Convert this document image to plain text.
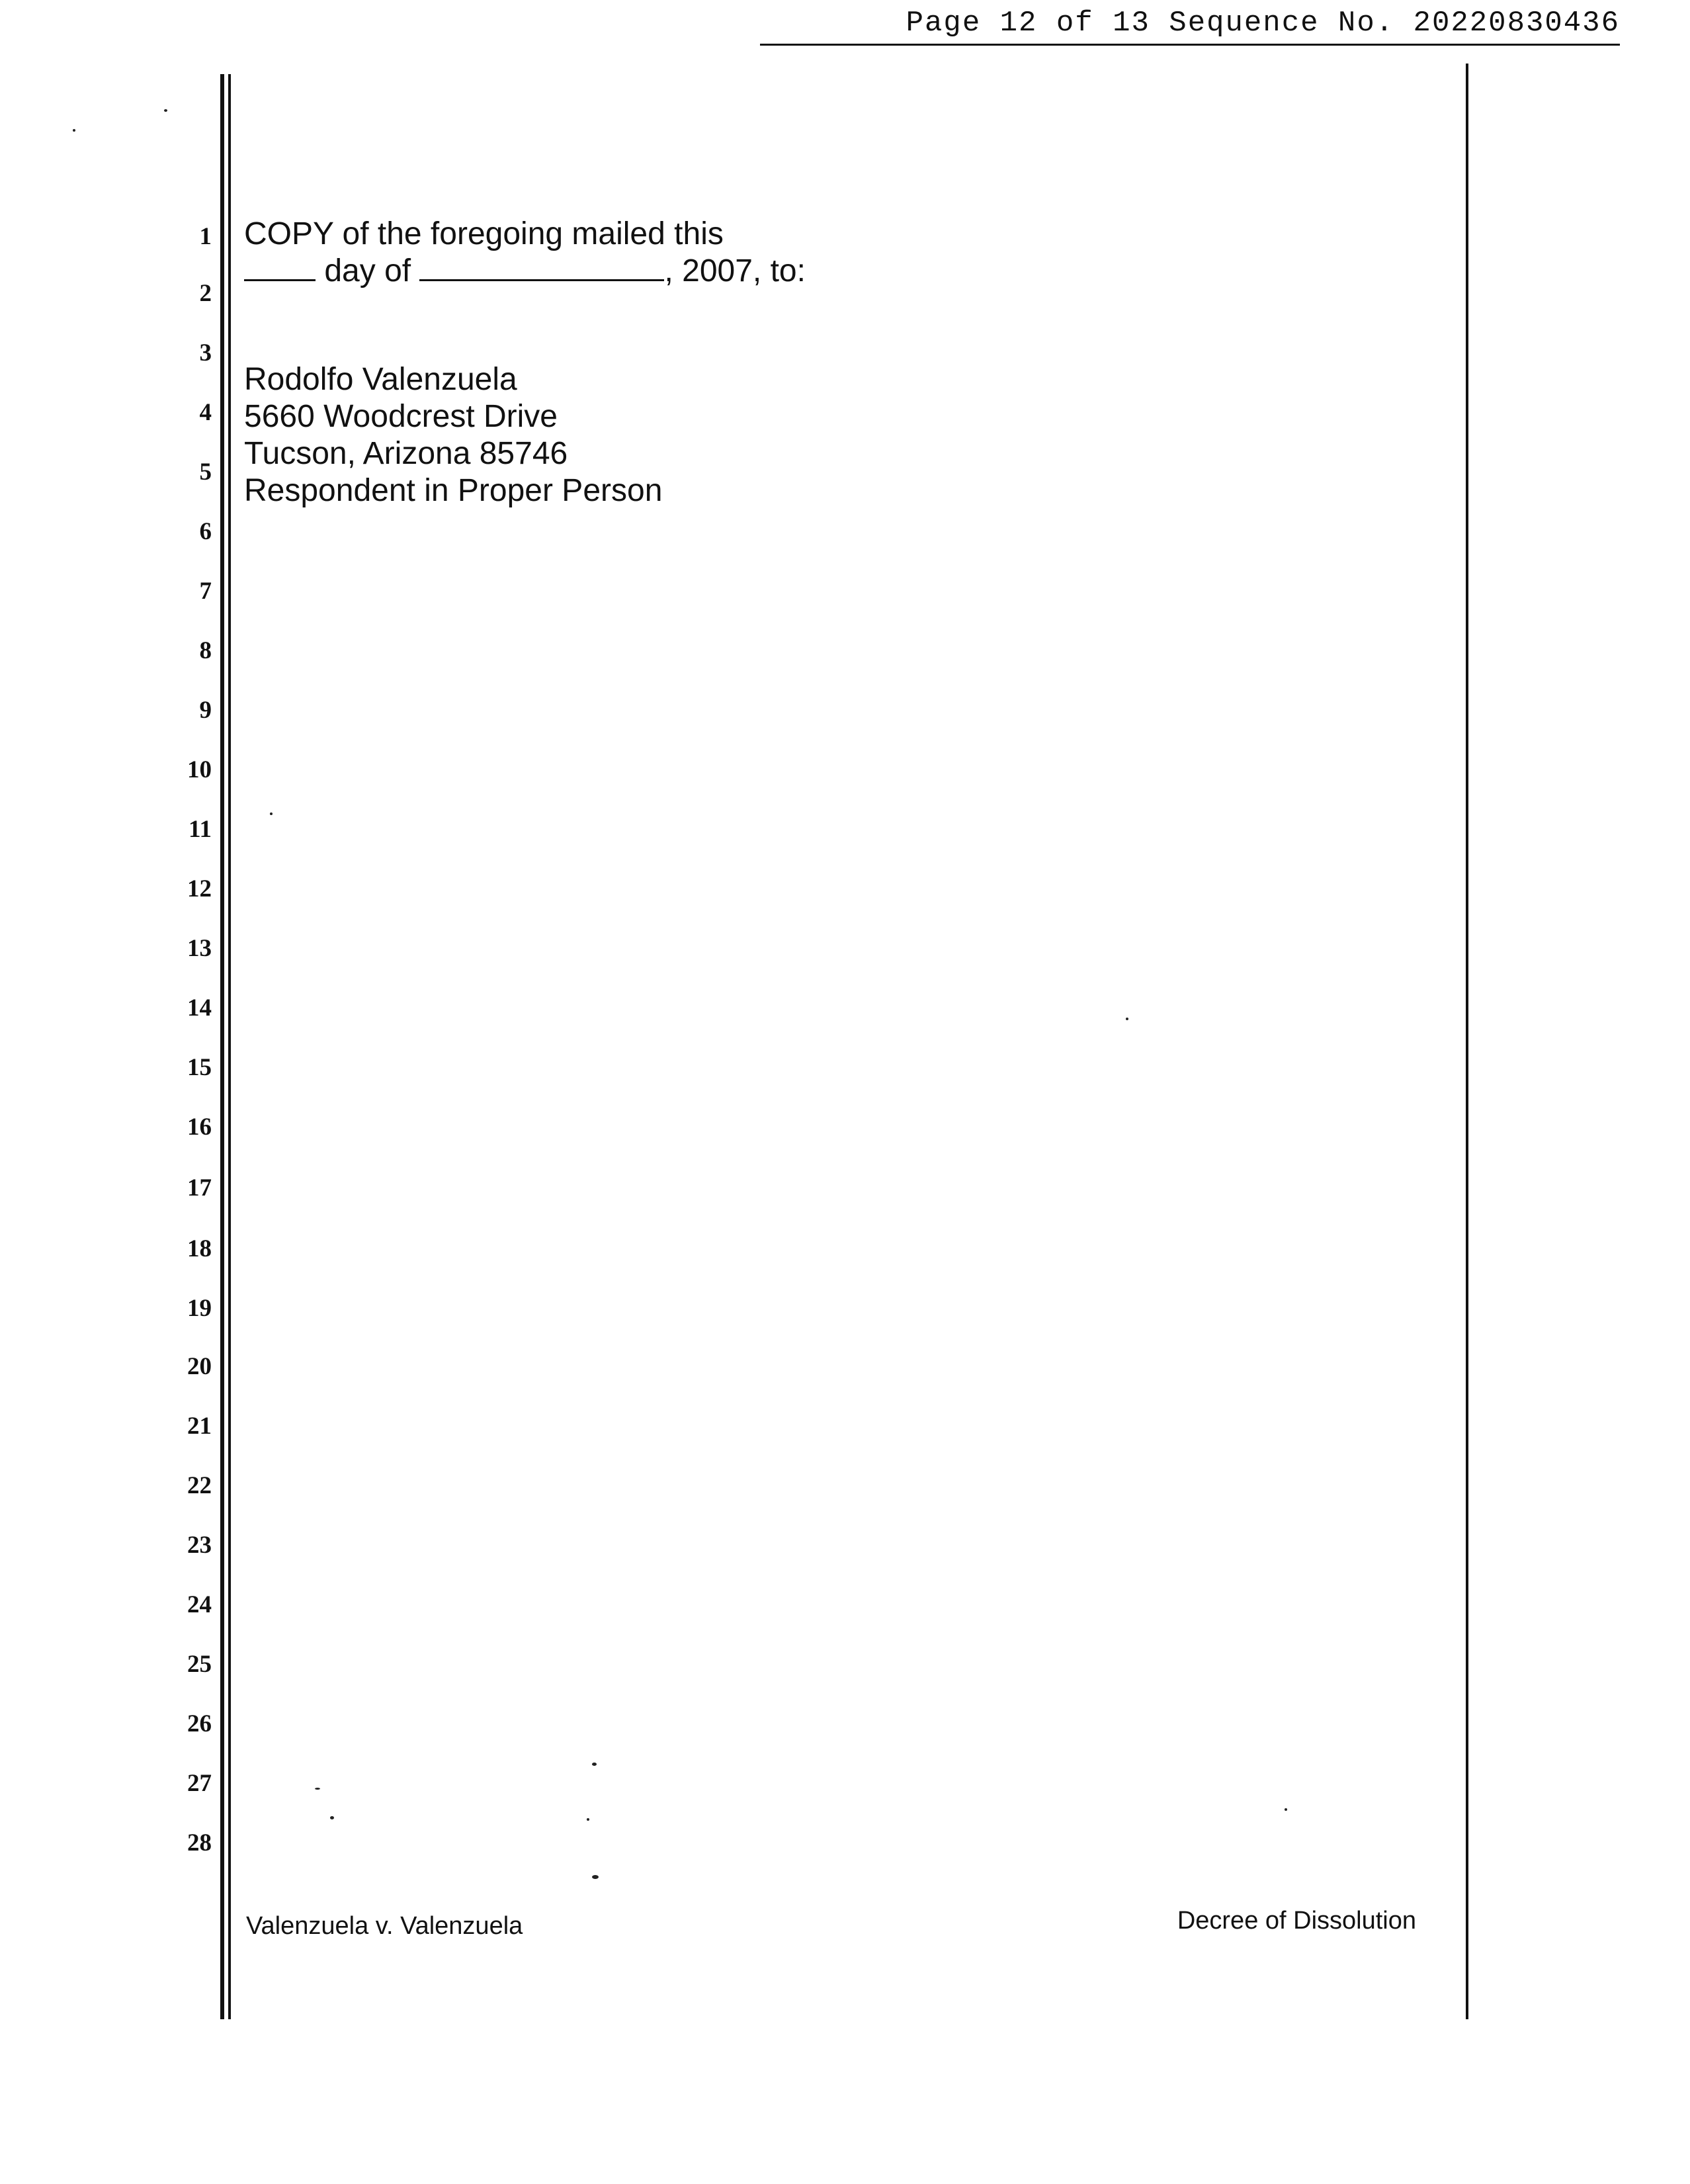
Page 12 of 13 Sequence No. 20220830436
1
2
3
4
5
6
7
8
9
10
11
12
13
14
15
16
17
18
19
20
21
22
23
24
25
26
27
28
COPY of the foregoing mailed this
day of	, 2007, to:
Rodolfo Valenzuela
5660 Woodcrest Drive
Tucson, Arizona 85746
Respondent in Proper Person
Valenzuela v. Valenzuela	Decree of Dissolution
